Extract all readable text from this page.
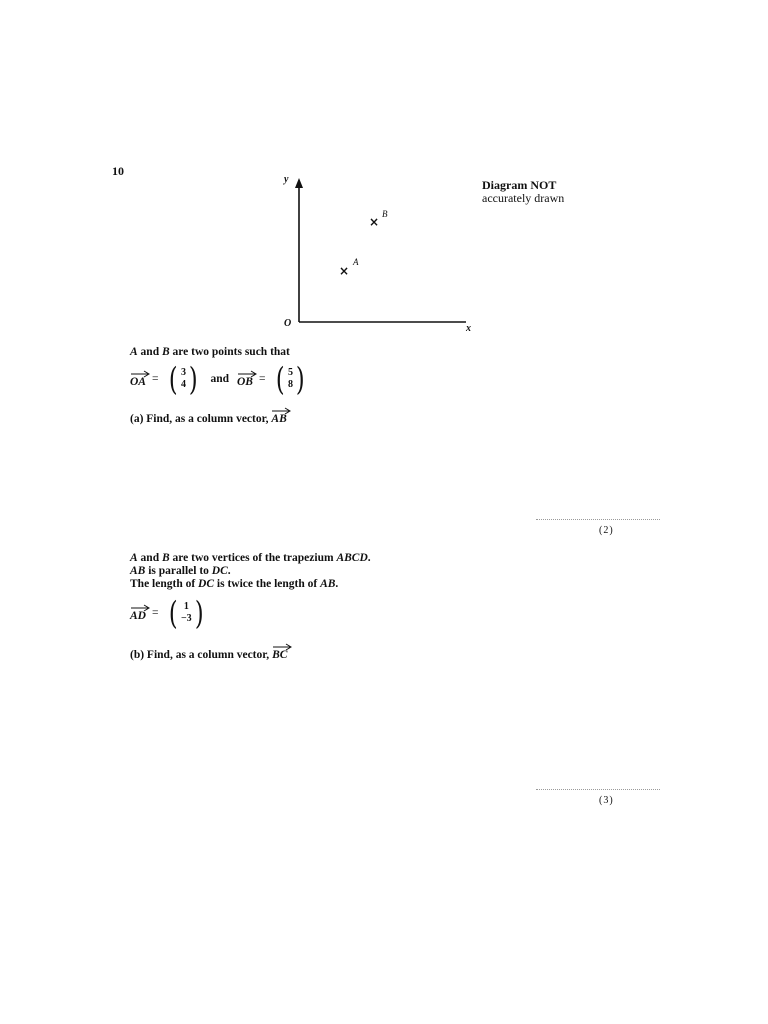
10
Diagram NOT
accurately drawn
y
x
O
×
A
×
B
A and B are two points such that
OA = ( 3
4 ) and OB = ( 5
8 )
(a) Find, as a column vector,
AB
(2)
A and B are two vertices of the trapezium ABCD.
AB is parallel to DC.
The length of DC is twice the length of AB.
AD = ( 1
−3 )
(b) Find, as a column vector,
BC
(3)
